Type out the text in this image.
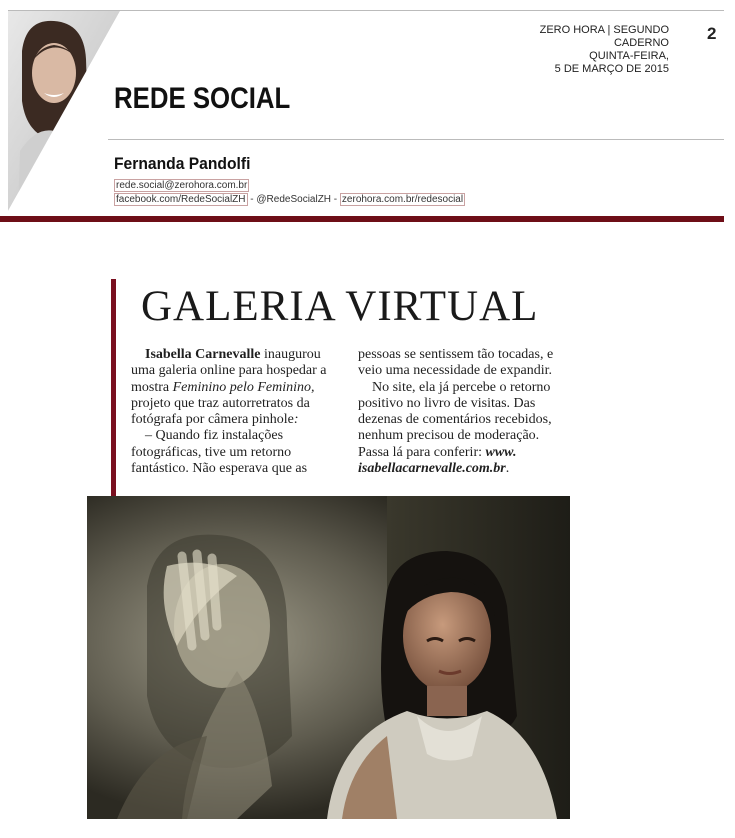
ZERO HORA | SEGUNDO CADERNO
QUINTA-FEIRA,
5 DE MARÇO DE 2015
2
REDE SOCIAL
Fernanda Pandolfi
rede.social@zerohora.com.br
facebook.com/RedeSocialZH - @RedeSocialZH - zerohora.com.br/redesocial
GALERIA VIRTUAL

Isabella Carnevalle inaugurou uma galeria online para hospedar a mostra Feminino pelo Feminino, projeto que traz autorretratos da fotógrafa por câmera pinhole:

– Quando fiz instalações fotográficas, tive um retorno fantástico. Não esperava que as

pessoas se sentissem tão tocadas, e veio uma necessidade de expandir.

No site, ela já percebe o retorno positivo no livro de visitas. Das dezenas de comentários recebidos, nenhum precisou de moderação. Passa lá para conferir: www. isabellacarnevalle.com.br.
